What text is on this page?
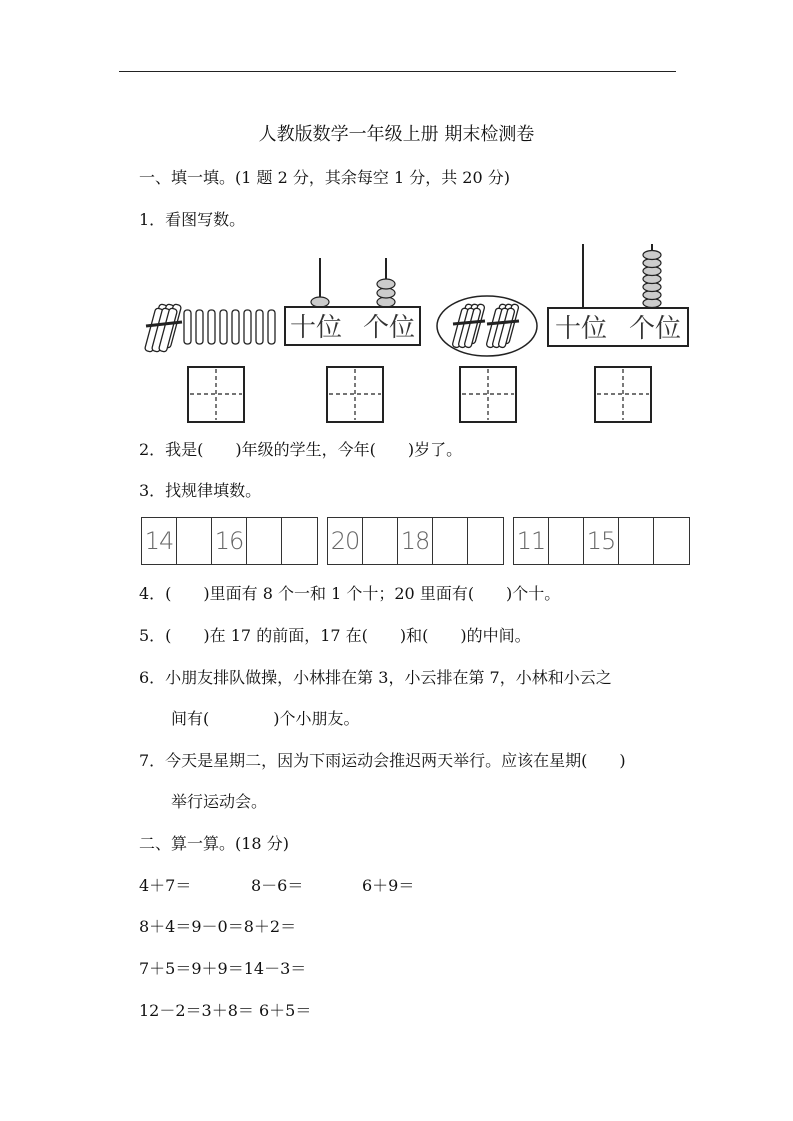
人教版数学一年级上册 期末检测卷
一、填一填。(1 题 2 分，其余每空 1 分，共 20 分)
1．看图写数。
十位 个位	十位 个位
2．我是(　　)年级的学生，今年(　　)岁了。
3．找规律填数。
14 16	20 18	11 15
4．(　　)里面有 8 个一和 1 个十；20 里面有(　　)个十。
5．(　　)在 17 的前面，17 在(　　)和(　　)的中间。
6．小朋友排队做操，小林排在第 3，小云排在第 7，小林和小云之
间有(　　　　)个小朋友。
7．今天是星期二，因为下雨运动会推迟两天举行。应该在星期(　　)
举行运动会。
二、算一算。(18 分)
4＋7＝	8－6＝	6＋9＝
8＋4＝9－0＝8＋2＝
7＋5＝9＋9＝14－3＝
12－2＝3＋8＝ 6＋5＝
